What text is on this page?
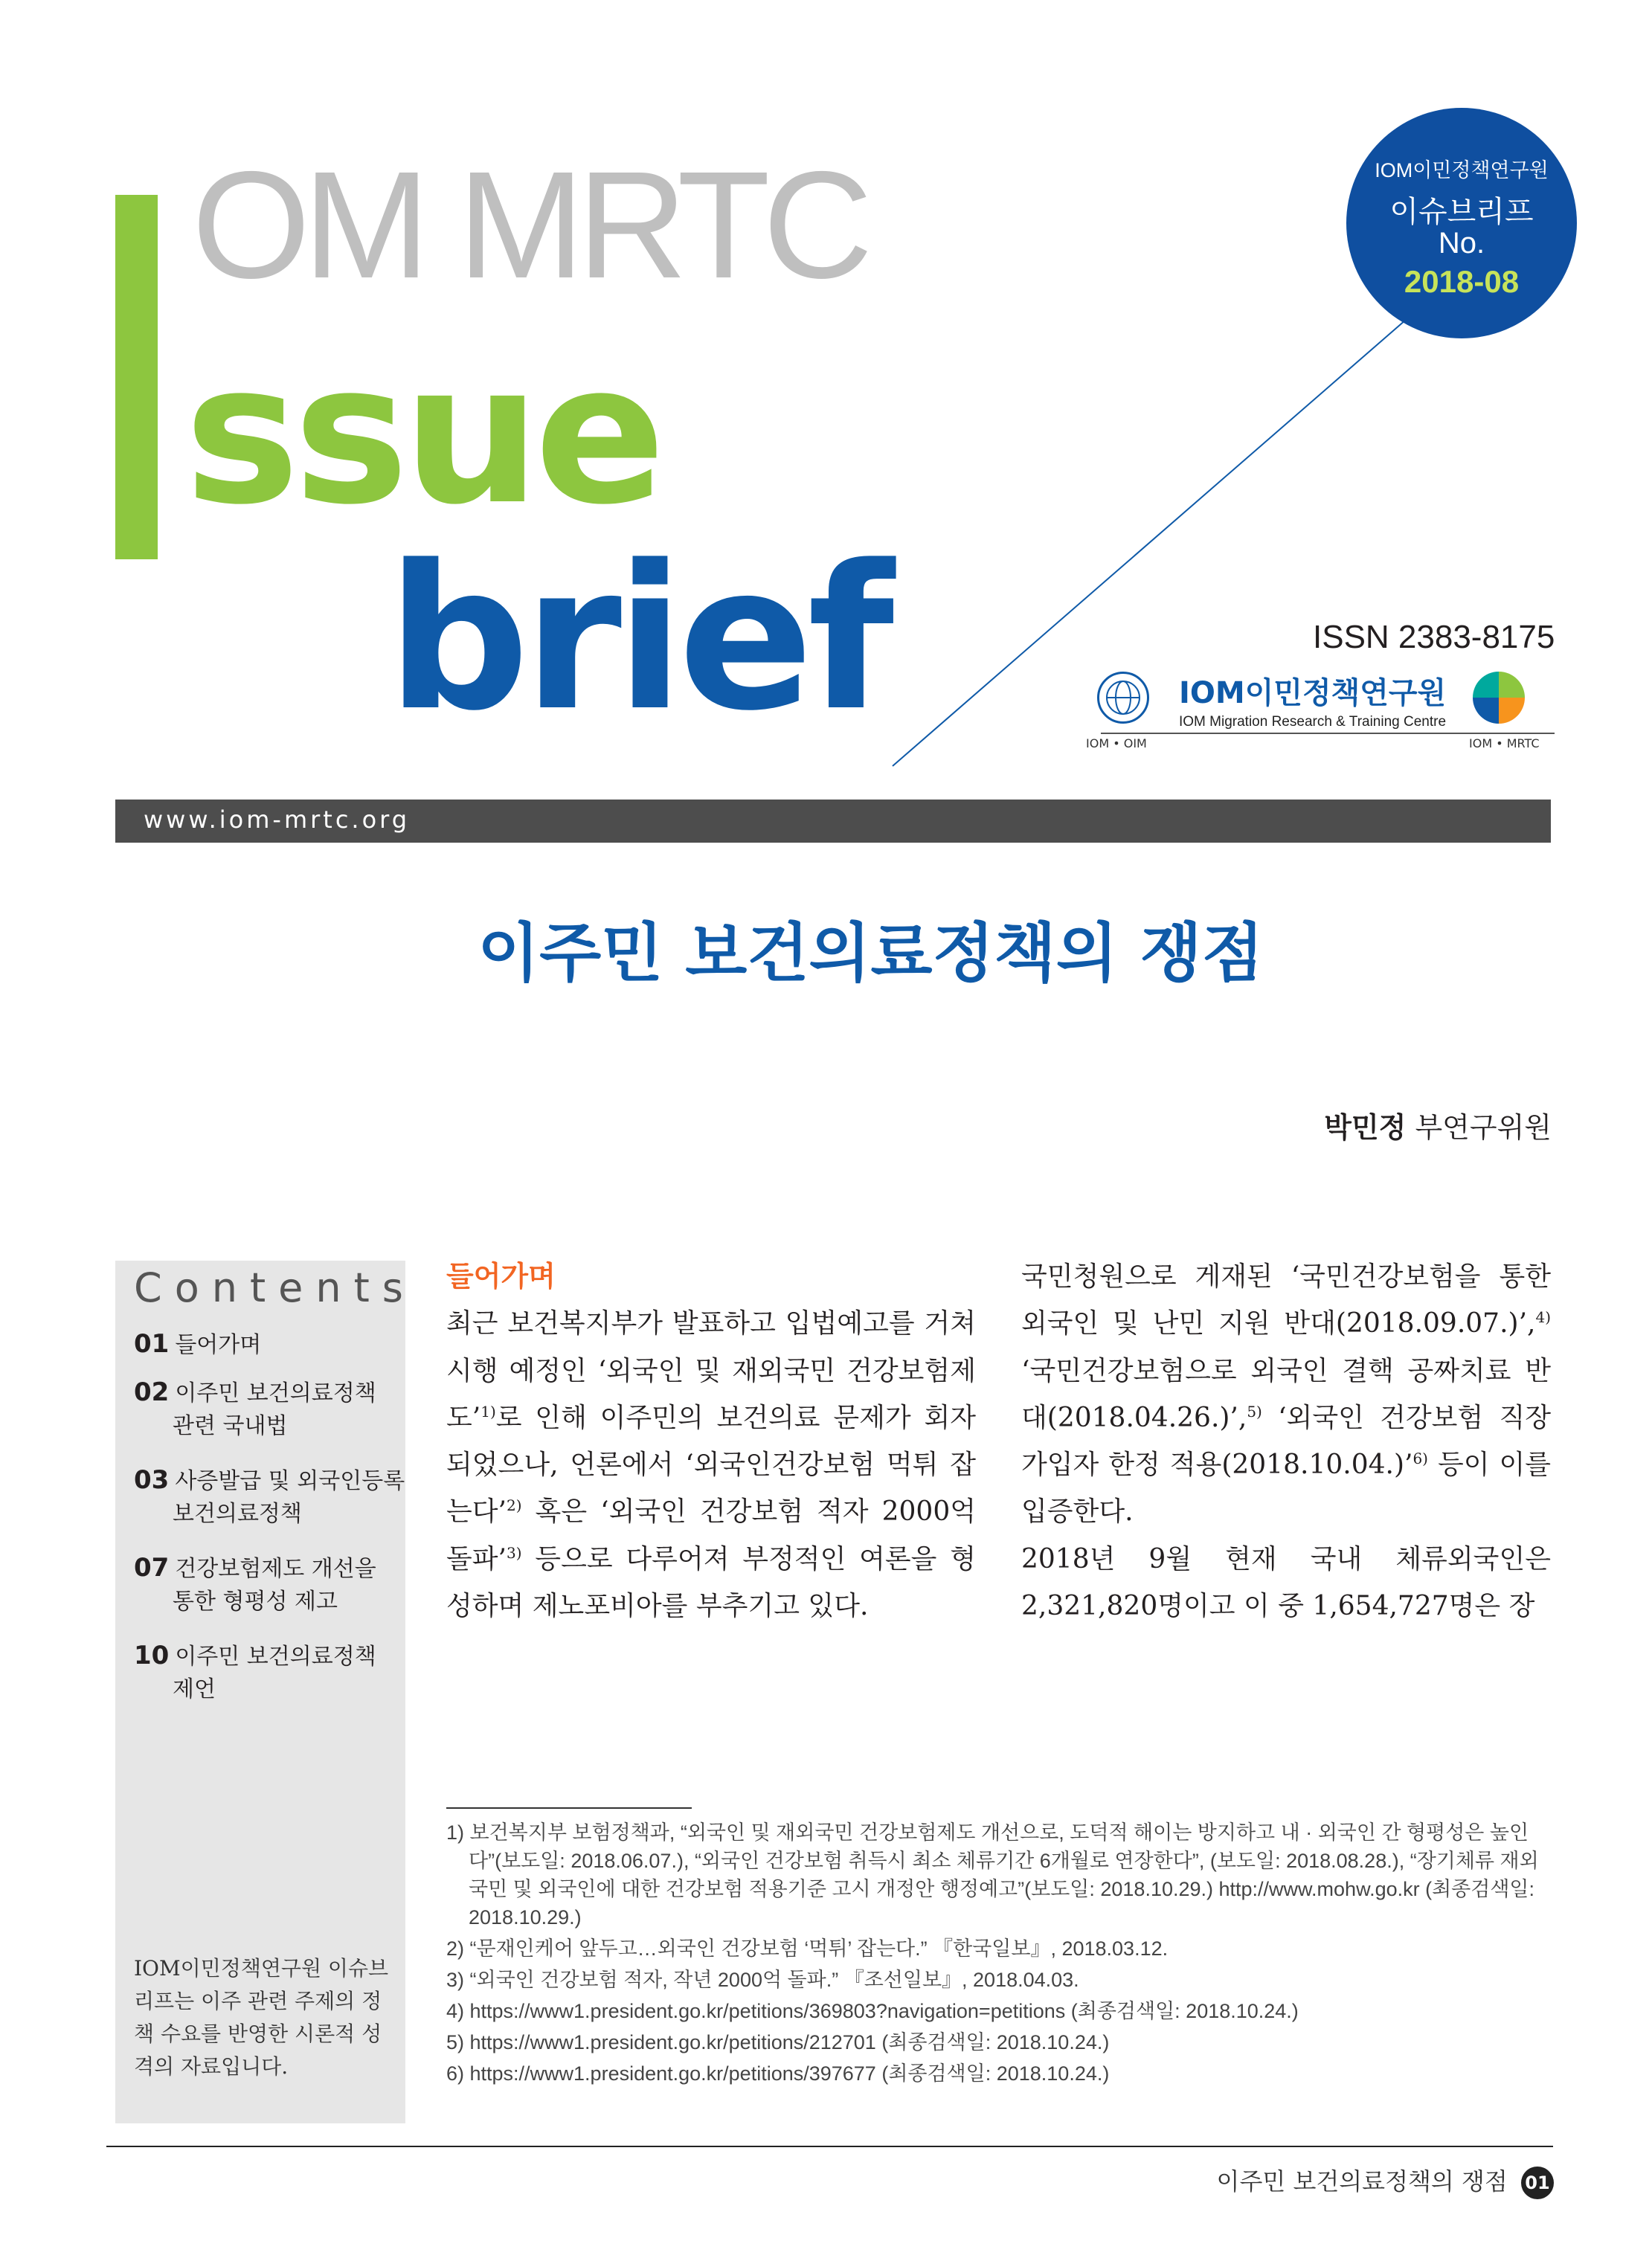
OM MRTC
ssue
brief
IOM이민정책연구원
이슈브리프
No.
2018-08
ISSN 2383-8175
IOM • OIM
IOM이민정책연구원
IOM Migration Research & Training Centre
IOM • MRTC
www.iom-mrtc.org
이주민 보건의료정책의 쟁점
박민정 부연구위원
Contents
01 들어가며
02 이주민 보건의료정책
관련 국내법
03 사증발급 및 외국인등록
보건의료정책
07 건강보험제도 개선을
통한 형평성 제고
10 이주민 보건의료정책
제언
IOM이민정책연구원 이슈브리프는 이주 관련 주제의 정책 수요를 반영한 시론적 성격의 자료입니다.
들어가며
최근 보건복지부가 발표하고 입법예고를 거쳐 시행 예정인 ‘외국인 및 재외국민 건강보험제도’$^{1)}$로 인해 이주민의 보건의료 문제가 회자되었으나, 언론에서 ‘외국인건강보험 먹튀 잡는다’$^{2)}$ 혹은 ‘외국인 건강보험 적자 2000억 돌파’$^{3)}$ 등으로 다루어져 부정적인 여론을 형성하며 제노포비아를 부추기고 있다.
국민청원으로 게재된 ‘국민건강보험을 통한 외국인 및 난민 지원 반대(2018.09.07.)’,$^{4)}$ ‘국민건강보험으로 외국인 결핵 공짜치료 반대(2018.04.26.)’,$^{5)}$ ‘외국인 건강보험 직장가입자 한정 적용(2018.10.04.)’$^{6)}$ 등이 이를 입증한다.
2018년 9월 현재 국내 체류외국인은 2,321,820명이고 이 중 1,654,727명은 장
1) 보건복지부 보험정책과, “외국인 및 재외국민 건강보험제도 개선으로, 도덕적 해이는 방지하고 내 · 외국인 간 형평성은 높인다”(보도일: 2018.06.07.), “외국인 건강보험 취득시 최소 체류기간 6개월로 연장한다”, (보도일: 2018.08.28.), “장기체류 재외국민 및 외국인에 대한 건강보험 적용기준 고시 개정안 행정예고”(보도일: 2018.10.29.) http://www.mohw.go.kr (최종검색일: 2018.10.29.)
2) “문재인케어 앞두고…외국인 건강보험 ‘먹튀’ 잡는다.” 『한국일보』, 2018.03.12.
3) “외국인 건강보험 적자, 작년 2000억 돌파.” 『조선일보』, 2018.04.03.
4) https://www1.president.go.kr/petitions/369803?navigation=petitions (최종검색일: 2018.10.24.)
5) https://www1.president.go.kr/petitions/212701 (최종검색일: 2018.10.24.)
6) https://www1.president.go.kr/petitions/397677 (최종검색일: 2018.10.24.)
이주민 보건의료정책의 쟁점 01
